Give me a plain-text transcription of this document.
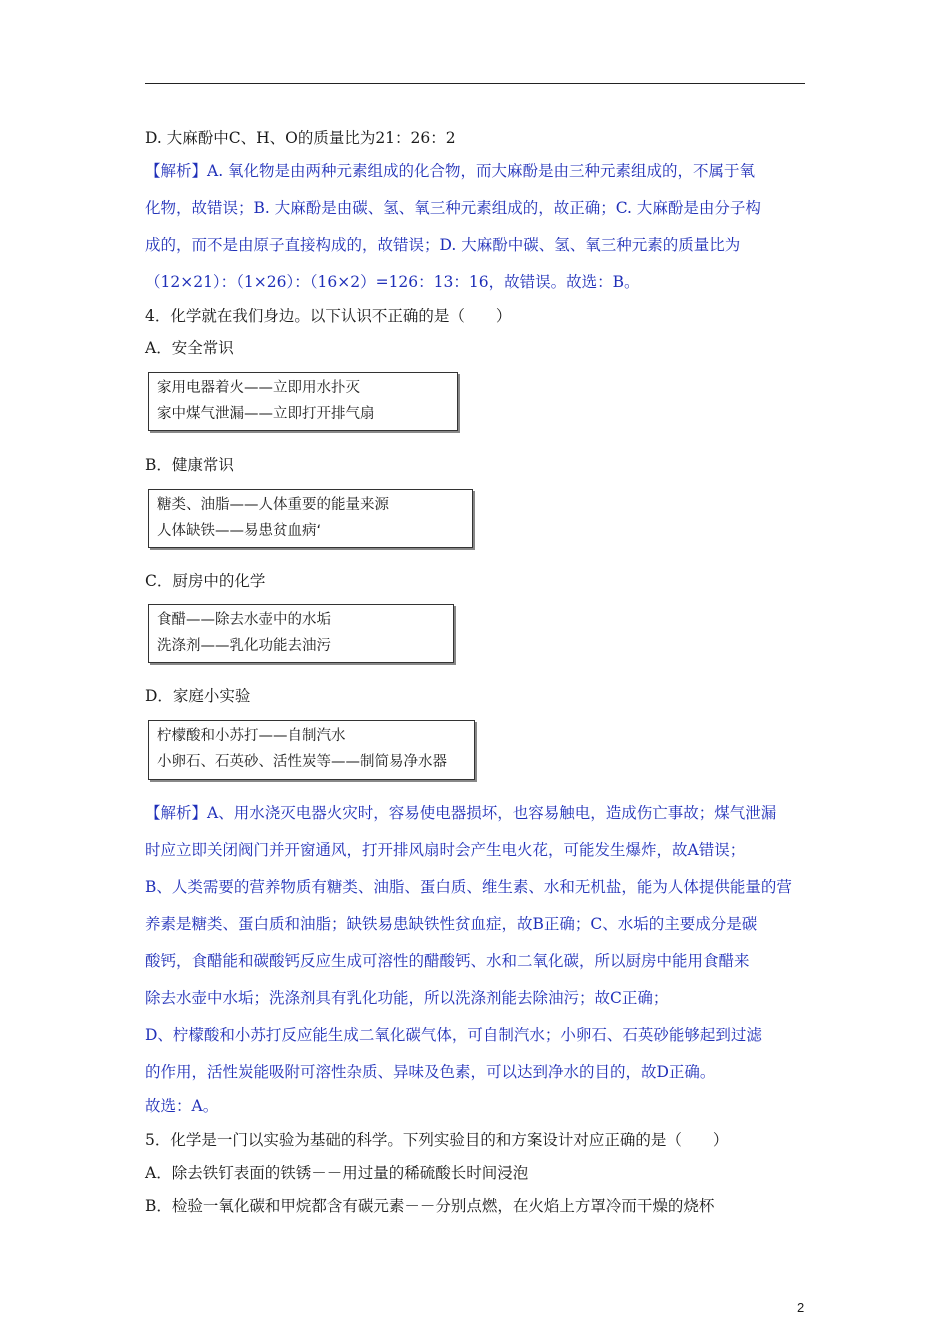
D. 大麻酚中C、H、O的质量比为21：26：2
【解析】A. 氧化物是由两种元素组成的化合物，而大麻酚是由三种元素组成的，不属于氧
化物，故错误；B. 大麻酚是由碳、氢、氧三种元素组成的，故正确；C. 大麻酚是由分子构
成的，而不是由原子直接构成的，故错误；D. 大麻酚中碳、氢、氧三种元素的质量比为
（12×21）：（1×26）：（16×2）=126：13：16，故错误。故选：B。
4．化学就在我们身边。以下认识不正确的是（　　）
A．安全常识
家用电器着火——立即用水扑灭
家中煤气泄漏——立即打开排气扇
B．健康常识
糖类、油脂——人体重要的能量来源
人体缺铁——易患贫血病‘
C．厨房中的化学
食醋——除去水壶中的水垢
洗涤剂——乳化功能去油污
D．家庭小实验
柠檬酸和小苏打——自制汽水
小卵石、石英砂、活性炭等——制简易净水器
【解析】A、用水浇灭电器火灾时，容易使电器损坏，也容易触电，造成伤亡事故；煤气泄漏
时应立即关闭阀门并开窗通风，打开排风扇时会产生电火花，可能发生爆炸，故A错误；
B、人类需要的营养物质有糖类、油脂、蛋白质、维生素、水和无机盐，能为人体提供能量的营
养素是糖类、蛋白质和油脂；缺铁易患缺铁性贫血症，故B正确；C、水垢的主要成分是碳
酸钙，食醋能和碳酸钙反应生成可溶性的醋酸钙、水和二氧化碳，所以厨房中能用食醋来
除去水壶中水垢；洗涤剂具有乳化功能，所以洗涤剂能去除油污；故C正确；
D、柠檬酸和小苏打反应能生成二氧化碳气体，可自制汽水；小卵石、石英砂能够起到过滤
的作用，活性炭能吸附可溶性杂质、异味及色素，可以达到净水的目的，故D正确。
故选：A。
5．化学是一门以实验为基础的科学。下列实验目的和方案设计对应正确的是（　　）
A．除去铁钉表面的铁锈－－用过量的稀硫酸长时间浸泡
B．检验一氧化碳和甲烷都含有碳元素－－分别点燃，在火焰上方罩冷而干燥的烧杯
2
